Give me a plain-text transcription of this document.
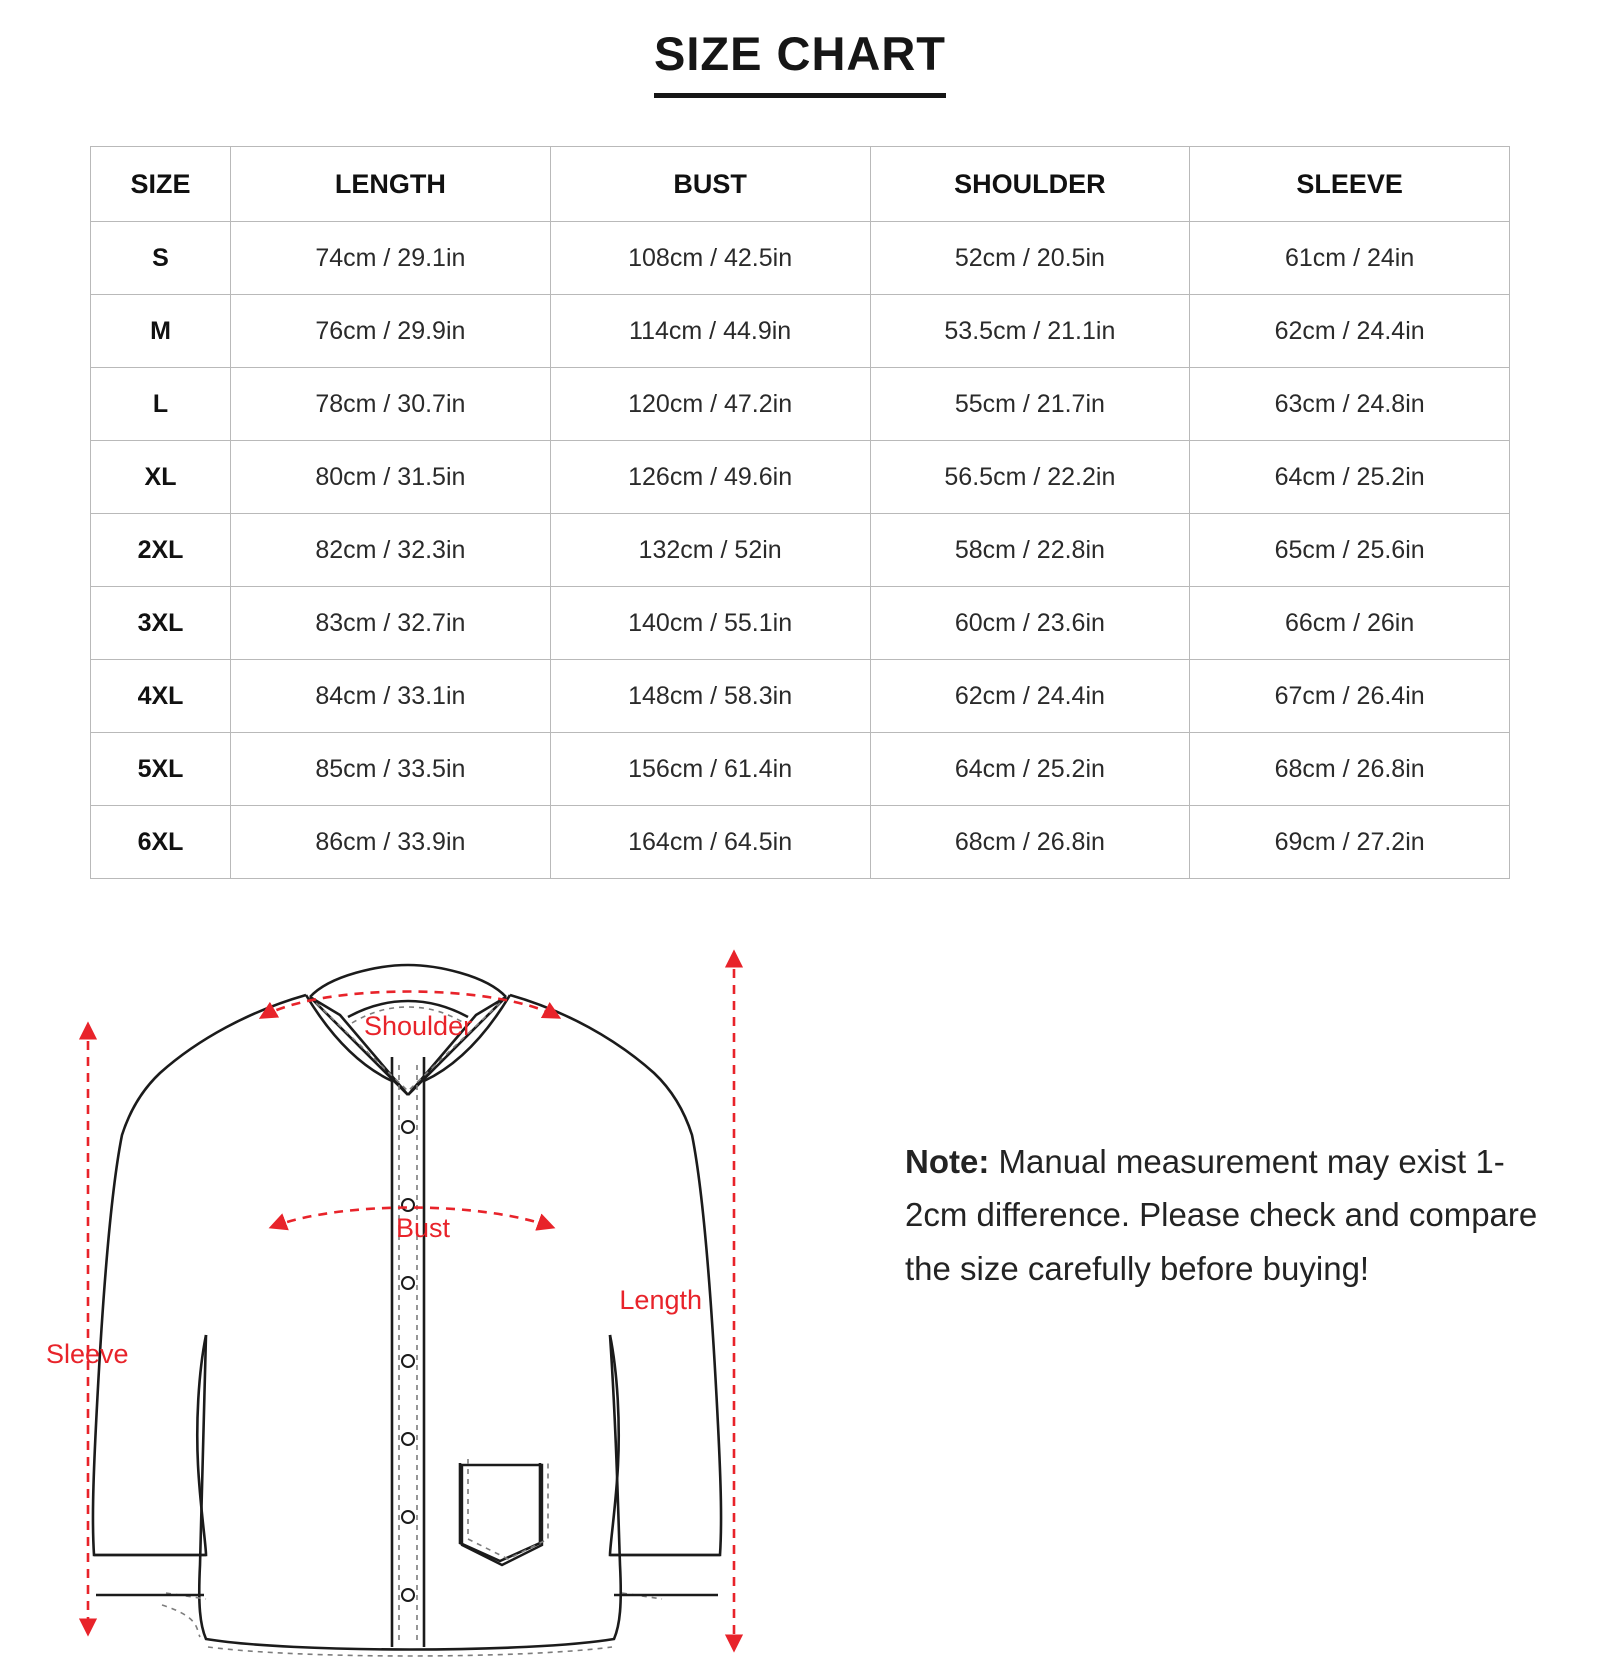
SIZE CHART
SIZE	LENGTH	BUST	SHOULDER	SLEEVE
S	74cm / 29.1in	108cm / 42.5in	52cm / 20.5in	61cm / 24in
M	76cm / 29.9in	114cm / 44.9in	53.5cm / 21.1in	62cm / 24.4in
L	78cm / 30.7in	120cm / 47.2in	55cm / 21.7in	63cm / 24.8in
XL	80cm / 31.5in	126cm / 49.6in	56.5cm / 22.2in	64cm / 25.2in
2XL	82cm / 32.3in	132cm / 52in	58cm / 22.8in	65cm / 25.6in
3XL	83cm / 32.7in	140cm / 55.1in	60cm / 23.6in	66cm / 26in
4XL	84cm / 33.1in	148cm / 58.3in	62cm / 24.4in	67cm / 26.4in
5XL	85cm / 33.5in	156cm / 61.4in	64cm / 25.2in	68cm / 26.8in
6XL	86cm / 33.9in	164cm / 64.5in	68cm / 26.8in	69cm / 27.2in
Shoulder
Bust
Length
Sleeve
Note: Manual measurement may exist 1-2cm difference. Please check and compare the size carefully before buying!
